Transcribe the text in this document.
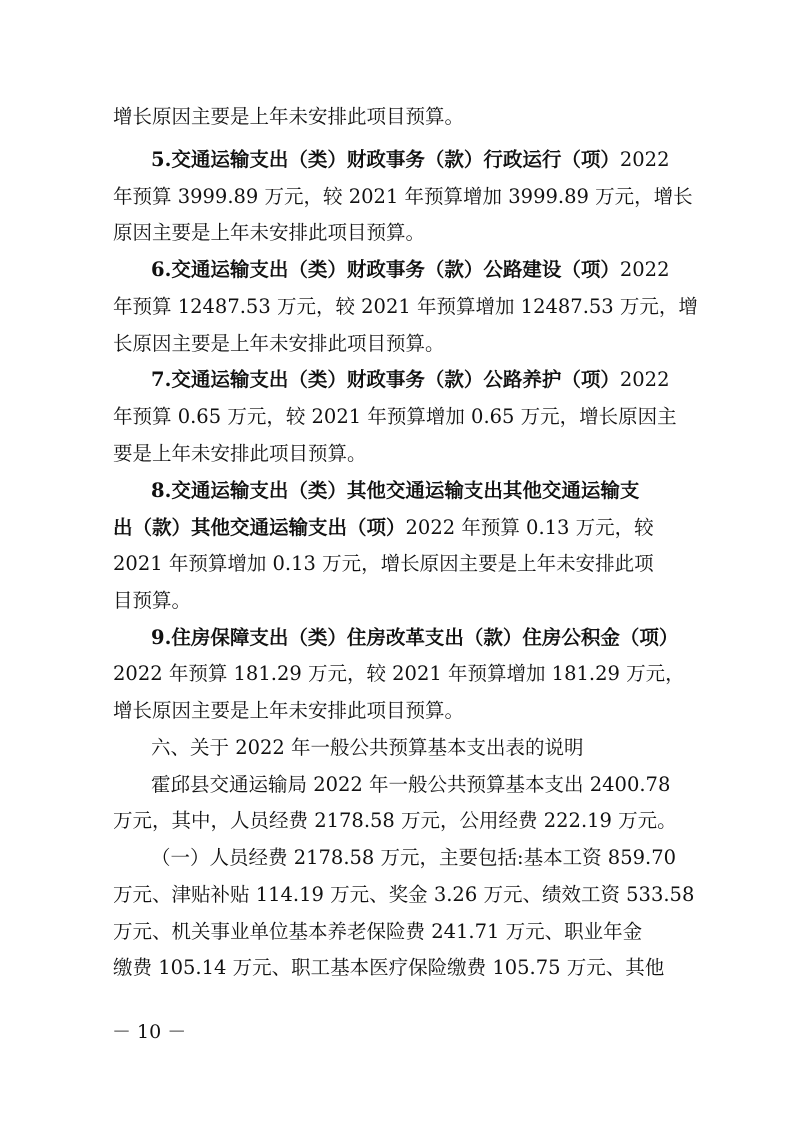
增长原因主要是上年未安排此项目预算。
5.交通运输支出（类）财政事务（款）行政运行（项）2022
年预算 3999.89 万元，较 2021 年预算增加 3999.89 万元，增长
原因主要是上年未安排此项目预算。
6.交通运输支出（类）财政事务（款）公路建设（项）2022
年预算 12487.53 万元，较 2021 年预算增加 12487.53 万元，增
长原因主要是上年未安排此项目预算。
7.交通运输支出（类）财政事务（款）公路养护（项）2022
年预算 0.65 万元，较 2021 年预算增加 0.65 万元，增长原因主
要是上年未安排此项目预算。
8.交通运输支出（类）其他交通运输支出其他交通运输支
出（款）其他交通运输支出（项）2022 年预算 0.13 万元，较
2021 年预算增加 0.13 万元，增长原因主要是上年未安排此项
目预算。
9.住房保障支出（类）住房改革支出（款）住房公积金（项）
2022 年预算 181.29 万元，较 2021 年预算增加 181.29 万元，
增长原因主要是上年未安排此项目预算。
六、关于 2022 年一般公共预算基本支出表的说明
霍邱县交通运输局 2022 年一般公共预算基本支出 2400.78
万元，其中，人员经费 2178.58 万元，公用经费 222.19 万元。
（一）人员经费 2178.58 万元，主要包括:基本工资 859.70
万元、津贴补贴 114.19 万元、奖金 3.26 万元、绩效工资 533.58
万元、机关事业单位基本养老保险费 241.71 万元、职业年金
缴费 105.14 万元、职工基本医疗保险缴费 105.75 万元、其他
－ 10 －
